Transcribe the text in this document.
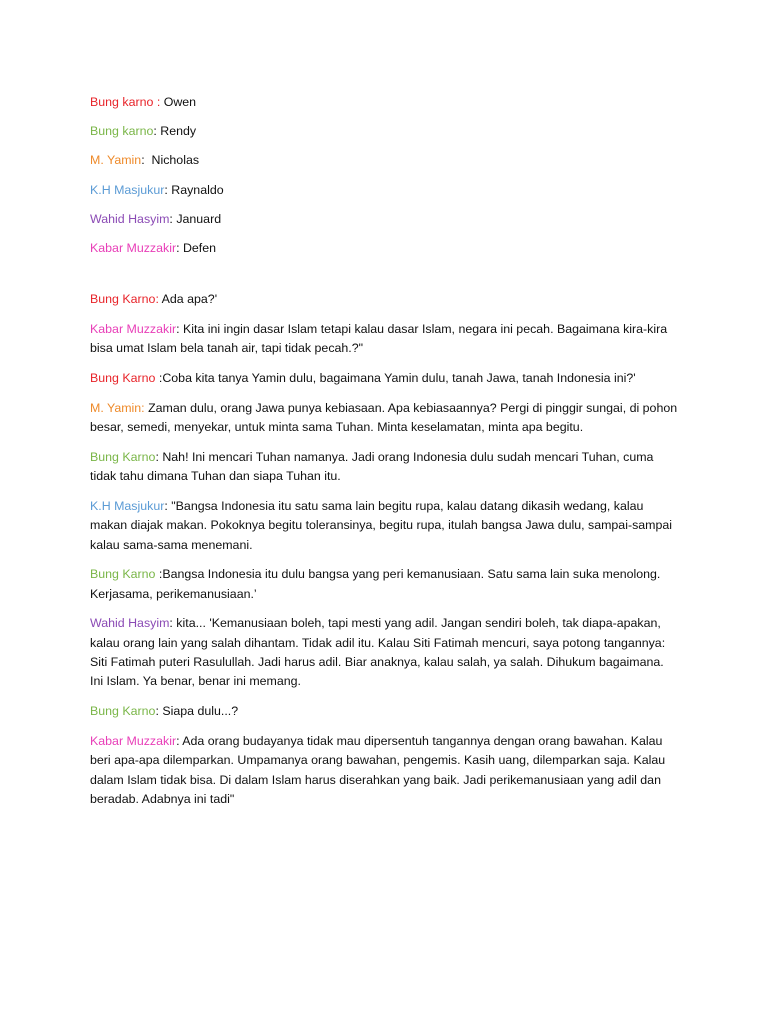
Bung karno : Owen
Bung karno: Rendy
M. Yamin:  Nicholas
K.H Masjukur: Raynaldo
Wahid Hasyim: Januard
Kabar Muzzakir: Defen

Bung Karno: Ada apa?'

Kabar Muzzakir: Kita ini ingin dasar Islam tetapi kalau dasar Islam, negara ini pecah. Bagaimana kira-kira bisa umat Islam bela tanah air, tapi tidak pecah.?"

Bung Karno :Coba kita tanya Yamin dulu, bagaimana Yamin dulu, tanah Jawa, tanah Indonesia ini?'

M. Yamin: Zaman dulu, orang Jawa punya kebiasaan. Apa kebiasaannya? Pergi di pinggir sungai, di pohon besar, semedi, menyekar, untuk minta sama Tuhan. Minta keselamatan, minta apa begitu.

Bung Karno: Nah! Ini mencari Tuhan namanya. Jadi orang Indonesia dulu sudah mencari Tuhan, cuma tidak tahu dimana Tuhan dan siapa Tuhan itu.

K.H Masjukur: "Bangsa Indonesia itu satu sama lain begitu rupa, kalau datang dikasih wedang, kalau makan diajak makan. Pokoknya begitu toleransinya, begitu rupa, itulah bangsa Jawa dulu, sampai-sampai kalau sama-sama menemani.

Bung Karno :Bangsa Indonesia itu dulu bangsa yang peri kemanusiaan. Satu sama lain suka menolong. Kerjasama, perikemanusiaan.’

Wahid Hasyim: kita... 'Kemanusiaan boleh, tapi mesti yang adil. Jangan sendiri boleh, tak diapa-apakan, kalau orang lain yang salah dihantam. Tidak adil itu. Kalau Siti Fatimah mencuri, saya potong tangannya: Siti Fatimah puteri Rasulullah. Jadi harus adil. Biar anaknya, kalau salah, ya salah. Dihukum bagaimana. Ini Islam. Ya benar, benar ini memang.

Bung Karno: Siapa dulu...?

Kabar Muzzakir: Ada orang budayanya tidak mau dipersentuh tangannya dengan orang bawahan. Kalau beri apa-apa dilemparkan. Umpamanya orang bawahan, pengemis. Kasih uang, dilemparkan saja. Kalau dalam Islam tidak bisa. Di dalam Islam harus diserahkan yang baik. Jadi perikemanusiaan yang adil dan beradab. Adabnya ini tadi"
